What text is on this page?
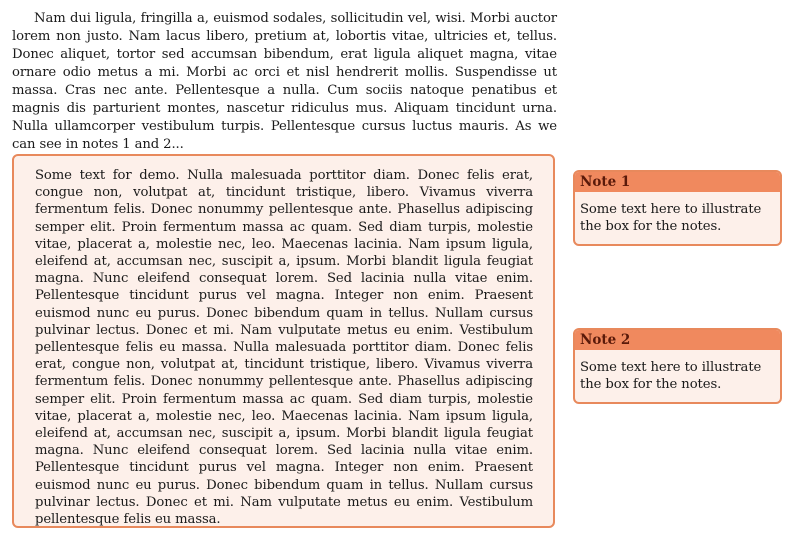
Nam dui ligula, fringilla a, euismod sodales, sollicitudin vel, wisi. Morbi auctor lorem non justo. Nam lacus libero, pretium at, lobortis vitae, ultricies et, tellus. Donec aliquet, tortor sed accumsan bibendum, erat ligula aliquet magna, vitae ornare odio metus a mi. Morbi ac orci et nisl hendrerit mollis. Suspendisse ut massa. Cras nec ante. Pellentesque a nulla. Cum sociis natoque penatibus et magnis dis parturient montes, nascetur ridiculus mus. Aliquam tincidunt urna. Nulla ullamcorper vestibulum turpis. Pellentesque cursus luctus mauris. As we can see in notes 1 and 2...

Some text for demo. Nulla malesuada porttitor diam. Donec felis erat, congue non, volutpat at, tincidunt tristique, libero. Vivamus viverra fermentum felis. Donec nonummy pellentesque ante. Phasellus adipiscing semper elit. Proin fermentum massa ac quam. Sed diam turpis, molestie vitae, placerat a, molestie nec, leo. Maecenas lacinia. Nam ipsum ligula, eleifend at, accumsan nec, suscipit a, ipsum. Morbi blandit ligula feugiat magna. Nunc eleifend consequat lorem. Sed lacinia nulla vitae enim. Pellentesque tincidunt purus vel magna. Integer non enim. Praesent euismod nunc eu purus. Donec bibendum quam in tellus. Nullam cursus pulvinar lectus. Donec et mi. Nam vulputate metus eu enim. Vestibulum pellentesque felis eu massa. Nulla malesuada porttitor diam. Donec felis erat, congue non, volutpat at, tincidunt tristique, libero. Vivamus viverra fermentum felis. Donec nonummy pellentesque ante. Phasellus adipiscing semper elit. Proin fermentum massa ac quam. Sed diam turpis, molestie vitae, placerat a, molestie nec, leo. Maecenas lacinia. Nam ipsum ligula, eleifend at, accumsan nec, suscipit a, ipsum. Morbi blandit ligula feugiat magna. Nunc eleifend consequat lorem. Sed lacinia nulla vitae enim. Pellentesque tincidunt purus vel magna. Integer non enim. Praesent euismod nunc eu purus. Donec bibendum quam in tellus. Nullam cursus pulvinar lectus. Donec et mi. Nam vulputate metus eu enim. Vestibulum pellentesque felis eu massa.

Note 1

Some text here to illustrate the box for the notes.

Note 2

Some text here to illustrate the box for the notes.
